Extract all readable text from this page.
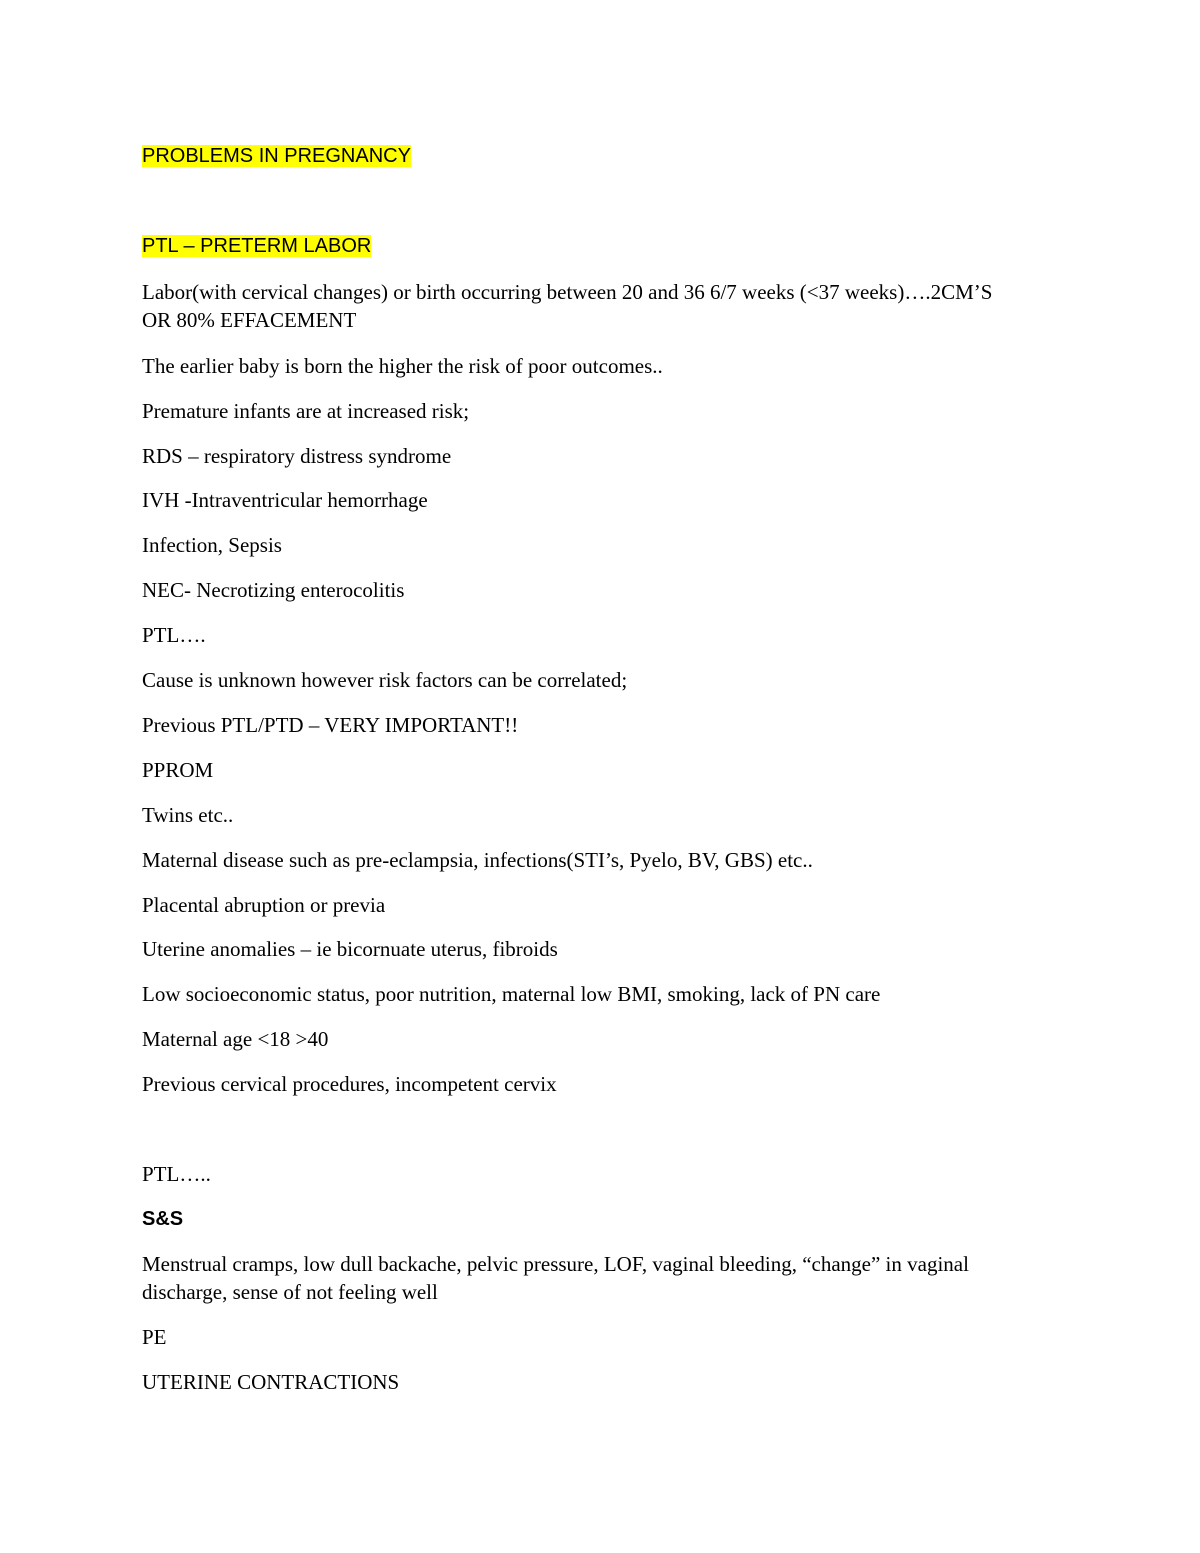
PROBLEMS IN PREGNANCY

PTL – PRETERM LABOR

Labor(with cervical changes) or birth occurring between 20 and 36 6/7 weeks (<37 weeks)….2CM’S OR 80% EFFACEMENT

The earlier baby is born the higher the risk of poor outcomes..

Premature infants are at increased risk;

RDS – respiratory distress syndrome

IVH -Intraventricular hemorrhage

Infection, Sepsis

NEC- Necrotizing enterocolitis

PTL….

Cause is unknown however risk factors can be correlated;

Previous PTL/PTD – VERY IMPORTANT!!

PPROM

Twins etc..

Maternal disease such as pre-eclampsia, infections(STI’s, Pyelo, BV, GBS) etc..

Placental abruption or previa

Uterine anomalies – ie bicornuate uterus, fibroids

Low socioeconomic status, poor nutrition, maternal low BMI, smoking, lack of PN care

Maternal age <18 >40

Previous cervical procedures, incompetent cervix

PTL…..

S&S

Menstrual cramps, low dull backache, pelvic pressure, LOF, vaginal bleeding, “change” in vaginal discharge, sense of not feeling well

PE

UTERINE CONTRACTIONS
